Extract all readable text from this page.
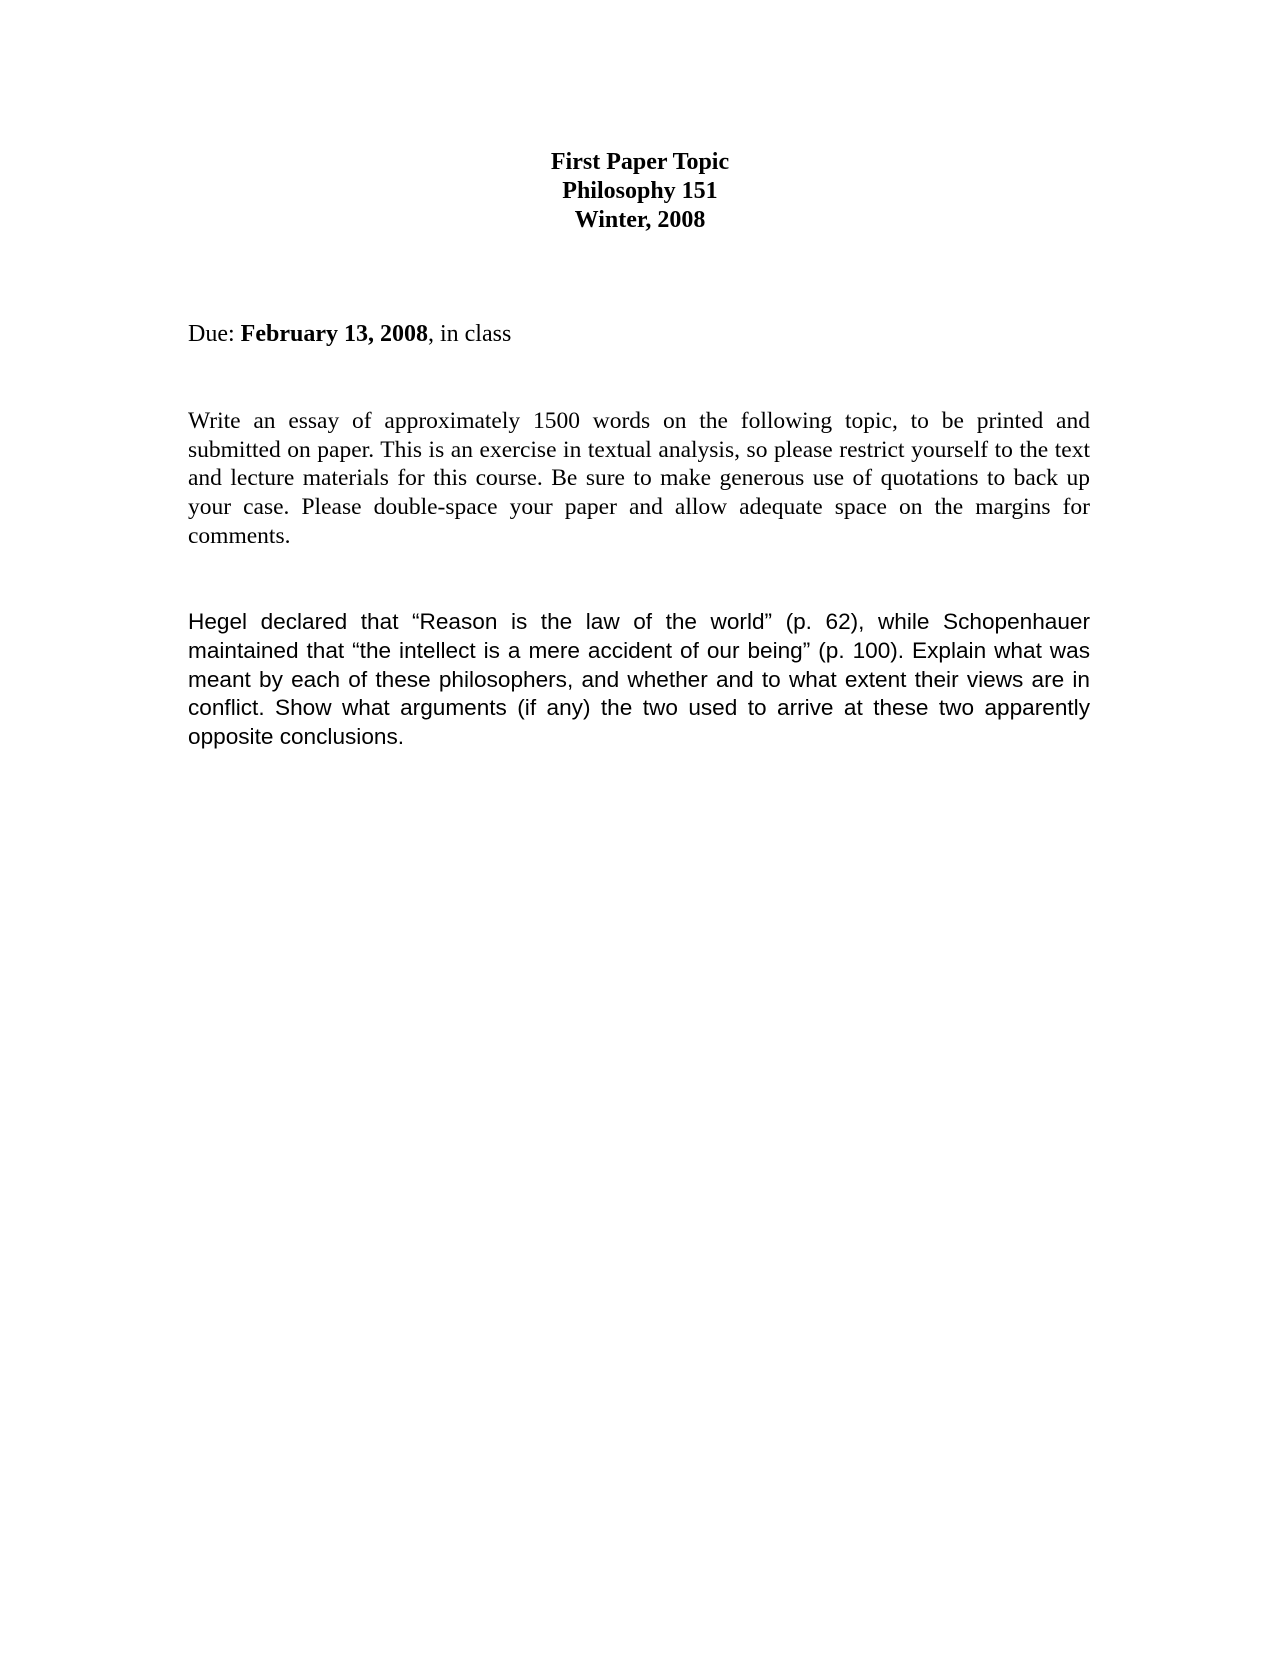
First Paper Topic
Philosophy 151
Winter, 2008
Due: February 13, 2008, in class
Write an essay of approximately 1500 words on the following topic, to be printed and submitted on paper. This is an exercise in textual analysis, so please restrict yourself to the text and lecture materials for this course. Be sure to make generous use of quotations to back up your case. Please double-space your paper and allow adequate space on the margins for comments.
Hegel declared that “Reason is the law of the world” (p. 62), while Schopenhauer maintained that “the intellect is a mere accident of our being” (p. 100). Explain what was meant by each of these philosophers, and whether and to what extent their views are in conflict. Show what arguments (if any) the two used to arrive at these two apparently opposite conclusions.
